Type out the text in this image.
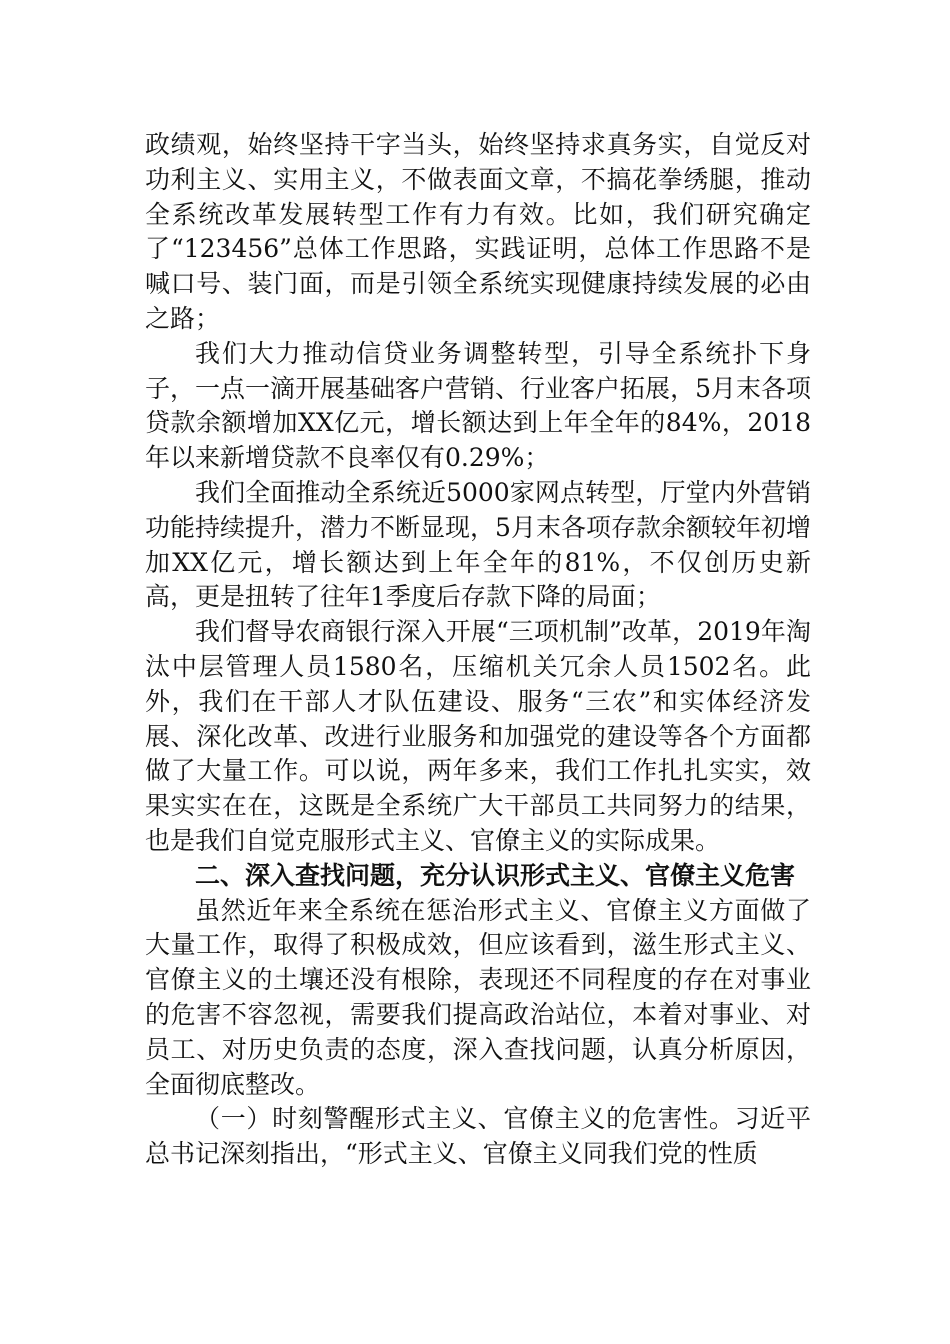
政绩观，始终坚持干字当头，始终坚持求真务实，自觉反对功利主义、实用主义，不做表面文章，不搞花拳绣腿，推动全系统改革发展转型工作有力有效。比如，我们研究确定了“123456”总体工作思路，实践证明，总体工作思路不是喊口号、装门面，而是引领全系统实现健康持续发展的必由之路；

我们大力推动信贷业务调整转型，引导全系统扑下身子，一点一滴开展基础客户营销、行业客户拓展，5月末各项贷款余额增加XX亿元，增长额达到上年全年的84%，2018年以来新增贷款不良率仅有0.29%；

我们全面推动全系统近5000家网点转型，厅堂内外营销功能持续提升，潜力不断显现，5月末各项存款余额较年初增加XX亿元，增长额达到上年全年的81%，不仅创历史新高，更是扭转了往年1季度后存款下降的局面；

我们督导农商银行深入开展“三项机制”改革，2019年淘汰中层管理人员1580名，压缩机关冗余人员1502名。此外，我们在干部人才队伍建设、服务“三农”和实体经济发展、深化改革、改进行业服务和加强党的建设等各个方面都做了大量工作。可以说，两年多来，我们工作扎扎实实，效果实实在在，这既是全系统广大干部员工共同努力的结果，也是我们自觉克服形式主义、官僚主义的实际成果。

二、深入查找问题，充分认识形式主义、官僚主义危害

虽然近年来全系统在惩治形式主义、官僚主义方面做了大量工作，取得了积极成效，但应该看到，滋生形式主义、官僚主义的土壤还没有根除，表现还不同程度的存在对事业的危害不容忽视，需要我们提高政治站位，本着对事业、对员工、对历史负责的态度，深入查找问题，认真分析原因，全面彻底整改。

（一）时刻警醒形式主义、官僚主义的危害性。习近平总书记深刻指出，“形式主义、官僚主义同我们党的性质
